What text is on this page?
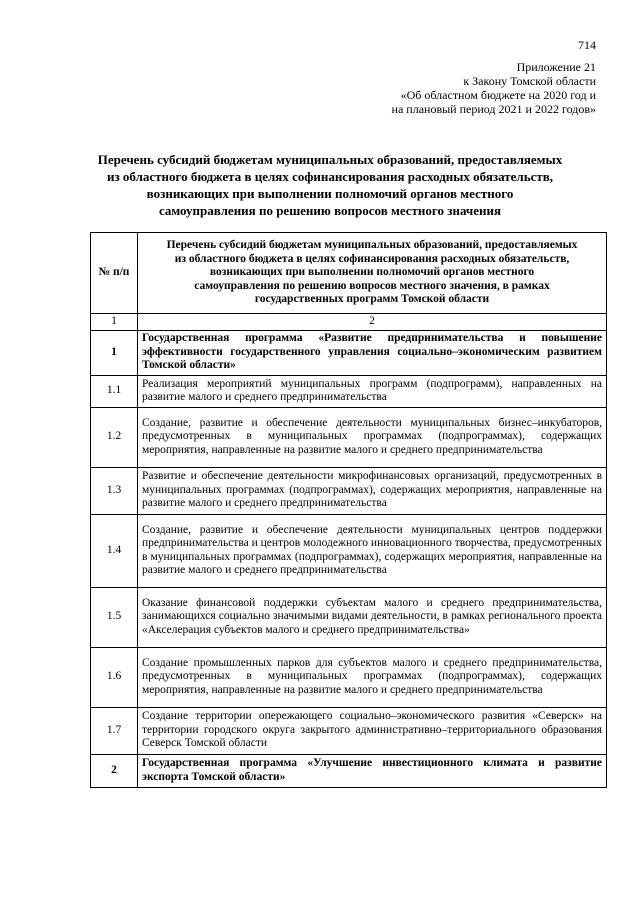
714
Приложение 21
к Закону Томской области
«Об областном бюджете на 2020 год и
на плановый период 2021 и 2022 годов»
Перечень субсидий бюджетам муниципальных образований, предоставляемых
из областного бюджета в целях софинансирования расходных обязательств,
возникающих при выполнении полномочий органов местного
самоуправления по решению вопросов местного значения
№ п/п	Перечень субсидий бюджетам муниципальных образований, предоставляемых
из областного бюджета в целях софинансирования расходных обязательств,
возникающих при выполнении полномочий органов местного
самоуправления по решению вопросов местного значения, в рамках
государственных программ Томской области

1	2
1	Государственная программа «Развитие предпринимательства и повышение эффективности государственного управления социально–экономическим развитием Томской области»
1.1	Реализация мероприятий муниципальных программ (подпрограмм), направленных на развитие малого и среднего предпринимательства
1.2	Создание, развитие и обеспечение деятельности муниципальных бизнес–инкубаторов, предусмотренных в муниципальных программах (подпрограммах), содержащих мероприятия, направленные на развитие малого и среднего предпринимательства
1.3	Развитие и обеспечение деятельности микрофинансовых организаций, предусмотренных в муниципальных программах (подпрограммах), содержащих мероприятия, направленные на развитие малого и среднего предпринимательства
1.4	Создание, развитие и обеспечение деятельности муниципальных центров поддержки предпринимательства и центров молодежного инновационного творчества, предусмотренных в муниципальных программах (подпрограммах), содержащих мероприятия, направленные на развитие малого и среднего предпринимательства
1.5	Оказание финансовой поддержки субъектам малого и среднего предпринимательства, занимающихся социально значимыми видами деятельности, в рамках регионального проекта «Акселерация субъектов малого и среднего предпринимательства»
1.6	Создание промышленных парков для субъектов малого и среднего предпринимательства, предусмотренных в муниципальных программах (подпрограммах), содержащих мероприятия, направленные на развитие малого и среднего предпринимательства
1.7	Создание территории опережающего социально–экономического развития «Северск» на территории городского округа закрытого административно–территориального образования Северск Томской области
2	Государственная программа «Улучшение инвестиционного климата и развитие экспорта Томской области»
